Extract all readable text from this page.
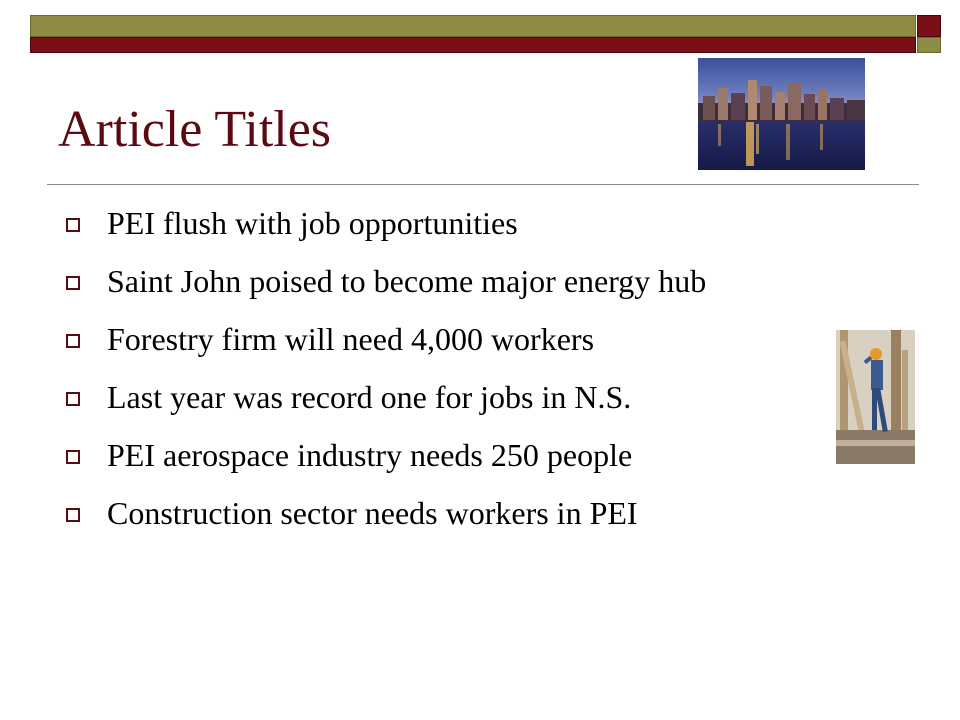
Article Titles
PEI flush with job opportunities
Saint John poised to become major energy hub
Forestry firm will need 4,000 workers
Last year was record one for jobs in N.S.
PEI aerospace industry needs 250 people
Construction sector needs workers in PEI
